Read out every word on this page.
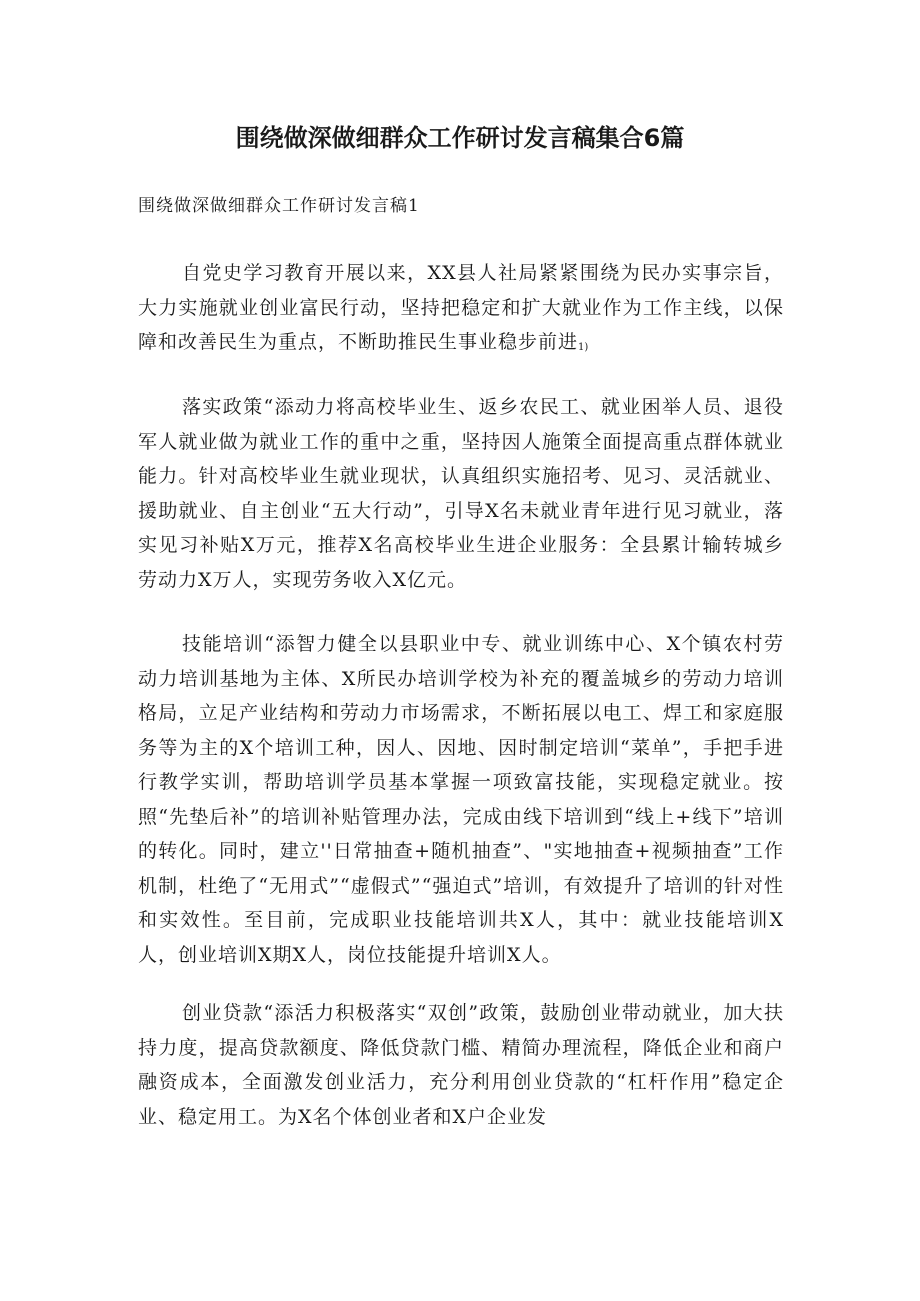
围绕做深做细群众工作研讨发言稿集合6篇

围绕做深做细群众工作研讨发言稿1

自党史学习教育开展以来，XX县人社局紧紧围绕为民办实事宗旨，大力实施就业创业富民行动，坚持把稳定和扩大就业作为工作主线，以保障和改善民生为重点，不断助推民生事业稳步前进$_{1)}$

落实政策“添动力将高校毕业生、返乡农民工、就业困举人员、退役军人就业做为就业工作的重中之重，坚持因人施策全面提高重点群体就业能力。针对高校毕业生就业现状，认真组织实施招考、见习、灵活就业、援助就业、自主创业“五大行动”，引导X名未就业青年进行见习就业，落实见习补贴X万元，推荐X名高校毕业生进企业服务：全县累计输转城乡劳动力X万人，实现劳务收入X亿元。

技能培训“添智力健全以县职业中专、就业训练中心、X个镇农村劳动力培训基地为主体、X所民办培训学校为补充的覆盖城乡的劳动力培训格局，立足产业结构和劳动力市场需求，不断拓展以电工、焊工和家庭服务等为主的X个培训工种，因人、因地、因时制定培训“菜单”，手把手进行教学实训，帮助培训学员基本掌握一项致富技能，实现稳定就业。按照“先垫后补”的培训补贴管理办法，完成由线下培训到“线上+线下”培训的转化。同时，建立''日常抽查+随机抽查”、"实地抽查+视频抽查”工作机制，杜绝了“无用式”“虚假式”“强迫式”培训，有效提升了培训的针对性和实效性。至目前，完成职业技能培训共X人，其中：就业技能培训X人，创业培训X期X人，岗位技能提升培训X人。

创业贷款“添活力积极落实“双创”政策，鼓励创业带动就业，加大扶持力度，提高贷款额度、降低贷款门槛、精简办理流程，降低企业和商户融资成本，全面激发创业活力，充分利用创业贷款的“杠杆作用”稳定企业、稳定用工。为X名个体创业者和X户企业发
